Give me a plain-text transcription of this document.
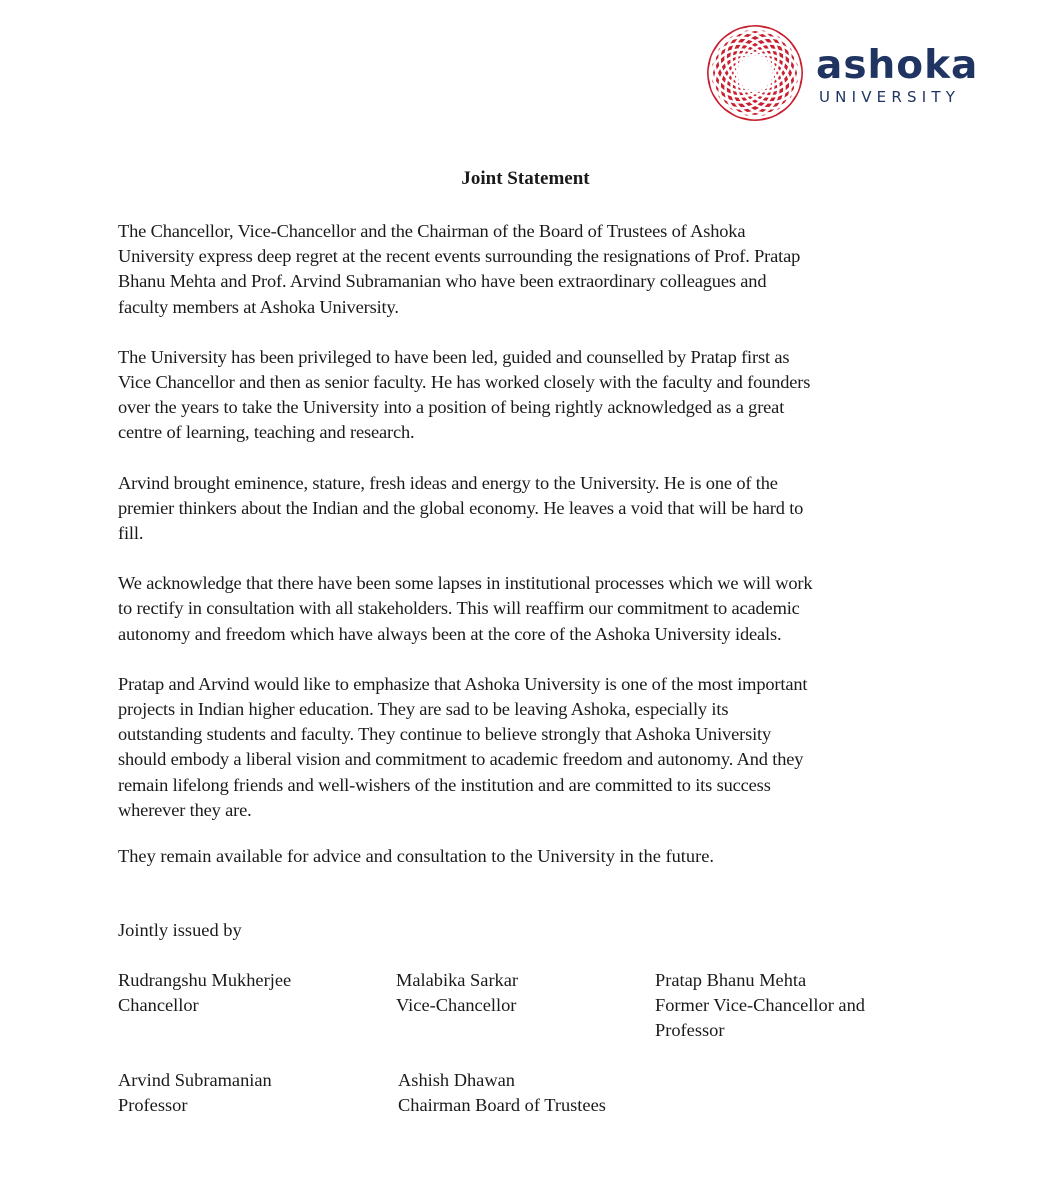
ashoka
UNIVERSITY
Joint Statement

The Chancellor, Vice-Chancellor and the Chairman of the Board of Trustees of Ashoka
University express deep regret at the recent events surrounding the resignations of Prof. Pratap
Bhanu Mehta and Prof. Arvind Subramanian who have been extraordinary colleagues and
faculty members at Ashoka University.

The University has been privileged to have been led, guided and counselled by Pratap first as
Vice Chancellor and then as senior faculty. He has worked closely with the faculty and founders
over the years to take the University into a position of being rightly acknowledged as a great
centre of learning, teaching and research.

Arvind brought eminence, stature, fresh ideas and energy to the University. He is one of the
premier thinkers about the Indian and the global economy. He leaves a void that will be hard to
fill.

We acknowledge that there have been some lapses in institutional processes which we will work
to rectify in consultation with all stakeholders. This will reaffirm our commitment to academic
autonomy and freedom which have always been at the core of the Ashoka University ideals.

Pratap and Arvind would like to emphasize that Ashoka University is one of the most important
projects in Indian higher education. They are sad to be leaving Ashoka, especially its
outstanding students and faculty. They continue to believe strongly that Ashoka University
should embody a liberal vision and commitment to academic freedom and autonomy. And they
remain lifelong friends and well-wishers of the institution and are committed to its success
wherever they are.

They remain available for advice and consultation to the University in the future.
Jointly issued by
Rudrangshu Mukherjee
Chancellor
Malabika Sarkar
Vice-Chancellor
Pratap Bhanu Mehta
Former Vice-Chancellor and
Professor
Arvind Subramanian
Professor
Ashish Dhawan
Chairman Board of Trustees
